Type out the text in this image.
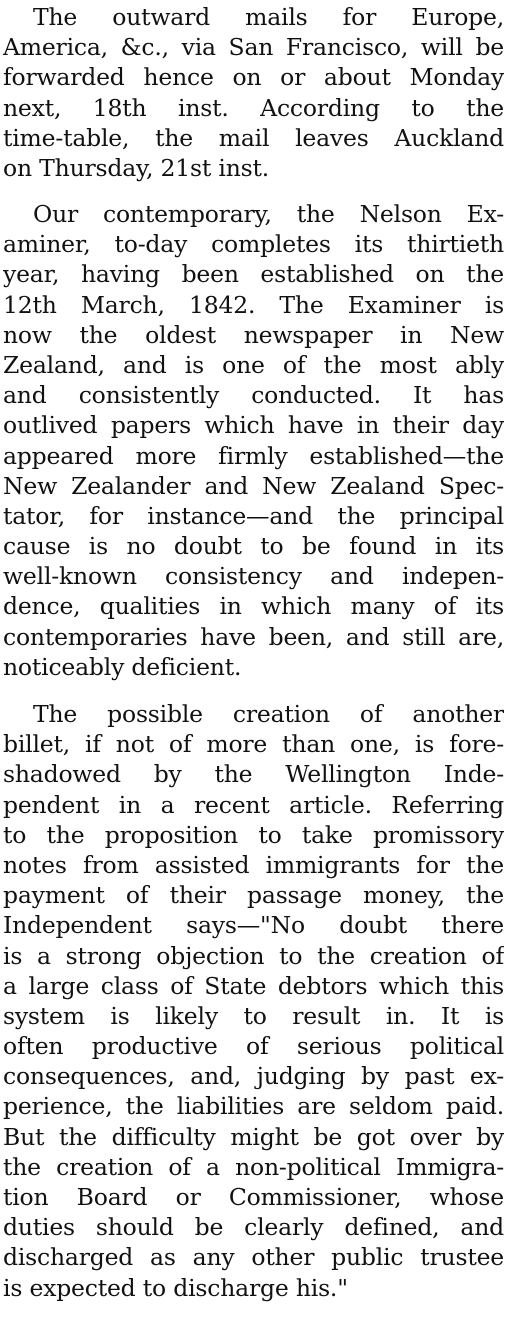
The outward mails for Europe,
America, &c., via San Francisco, will be
forwarded hence on or about Monday
next, 18th inst. According to the
time-table, the mail leaves Auckland
on Thursday, 21st inst.
Our contemporary, the Nelson Ex-
aminer, to-day completes its thirtieth
year, having been established on the
12th March, 1842. The Examiner is
now the oldest newspaper in New
Zealand, and is one of the most ably
and consistently conducted. It has
outlived papers which have in their day
appeared more firmly established—the
New Zealander and New Zealand Spec-
tator, for instance—and the principal
cause is no doubt to be found in its
well-known consistency and indepen-
dence, qualities in which many of its
contemporaries have been, and still are,
noticeably deficient.
The possible creation of another
billet, if not of more than one, is fore-
shadowed by the Wellington Inde-
pendent in a recent article. Referring
to the proposition to take promissory
notes from assisted immigrants for the
payment of their passage money, the
Independent says—"No doubt there
is a strong objection to the creation of
a large class of State debtors which this
system is likely to result in. It is
often productive of serious political
consequences, and, judging by past ex-
perience, the liabilities are seldom paid.
But the difficulty might be got over by
the creation of a non-political Immigra-
tion Board or Commissioner, whose
duties should be clearly defined, and
discharged as any other public trustee
is expected to discharge his."
